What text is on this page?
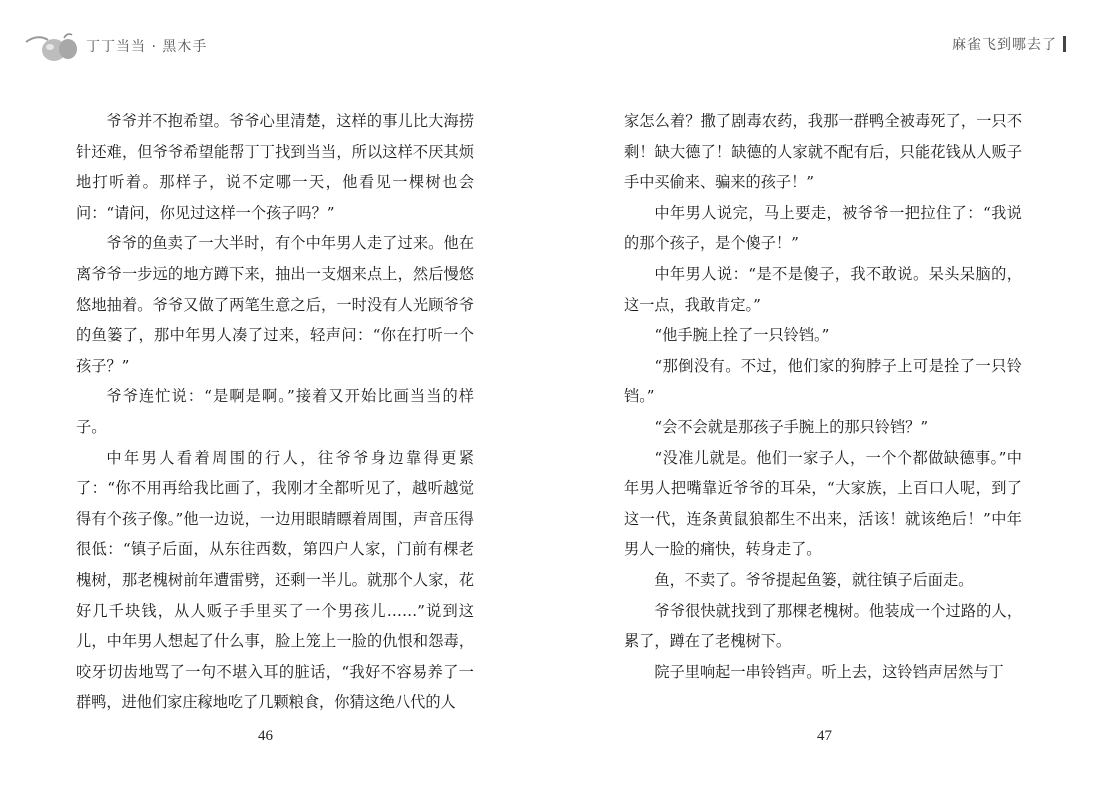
丁丁当当 · 黑木手

爷爷并不抱希望。爷爷心里清楚，这样的事儿比大海捞针还难，但爷爷希望能帮丁丁找到当当，所以这样不厌其烦地打听着。那样子，说不定哪一天，他看见一棵树也会问：“请问，你见过这样一个孩子吗？”

爷爷的鱼卖了一大半时，有个中年男人走了过来。他在离爷爷一步远的地方蹲下来，抽出一支烟来点上，然后慢悠悠地抽着。爷爷又做了两笔生意之后，一时没有人光顾爷爷的鱼篓了，那中年男人凑了过来，轻声问：“你在打听一个孩子？”

爷爷连忙说：“是啊是啊。”接着又开始比画当当的样子。

中年男人看着周围的行人，往爷爷身边靠得更紧了：“你不用再给我比画了，我刚才全都听见了，越听越觉得有个孩子像。”他一边说，一边用眼睛瞟着周围，声音压得很低：“镇子后面，从东往西数，第四户人家，门前有棵老槐树，那老槐树前年遭雷劈，还剩一半儿。就那个人家，花好几千块钱，从人贩子手里买了一个男孩儿……”说到这儿，中年男人想起了什么事，脸上笼上一脸的仇恨和怨毒，咬牙切齿地骂了一句不堪入耳的脏话，“我好不容易养了一群鸭，进他们家庄稼地吃了几颗粮食，你猜这绝八代的人

46
麻雀飞到哪去了

家怎么着？撒了剧毒农药，我那一群鸭全被毒死了，一只不剩！缺大德了！缺德的人家就不配有后，只能花钱从人贩子手中买偷来、骗来的孩子！”

中年男人说完，马上要走，被爷爷一把拉住了：“我说的那个孩子，是个傻子！”

中年男人说：“是不是傻子，我不敢说。呆头呆脑的，这一点，我敢肯定。”

“他手腕上拴了一只铃铛。”

“那倒没有。不过，他们家的狗脖子上可是拴了一只铃铛。”

“会不会就是那孩子手腕上的那只铃铛？”

“没准儿就是。他们一家子人，一个个都做缺德事。”中年男人把嘴靠近爷爷的耳朵，“大家族，上百口人呢，到了这一代，连条黄鼠狼都生不出来，活该！就该绝后！”中年男人一脸的痛快，转身走了。

鱼，不卖了。爷爷提起鱼篓，就往镇子后面走。

爷爷很快就找到了那棵老槐树。他装成一个过路的人，累了，蹲在了老槐树下。

院子里响起一串铃铛声。听上去，这铃铛声居然与丁

47
